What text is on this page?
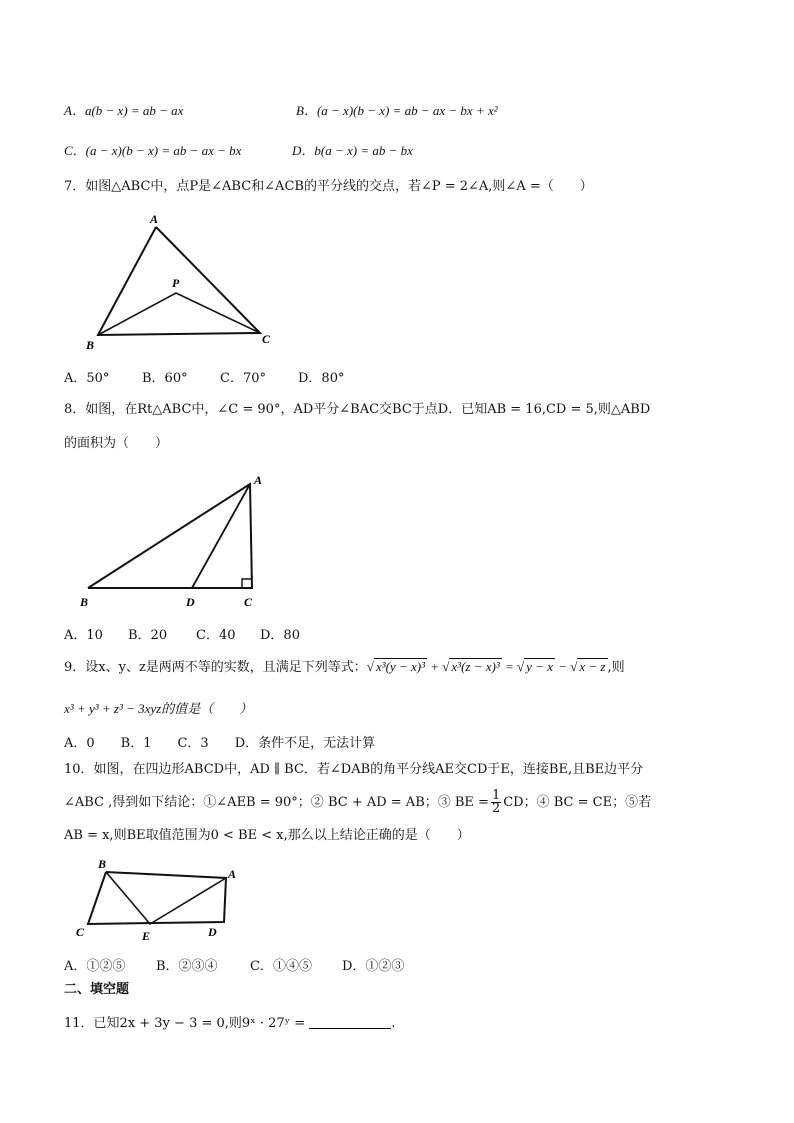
A．a(b − x) = ab − ax	B．(a − x)(b − x) = ab − ax − bx + x²
C．(a − x)(b − x) = ab − ax − bx	D．b(a − x) = ab − bx
7．如图△ABC中，点P是∠ABC和∠ACB的平分线的交点，若∠P = 2∠A,则∠A =（　　）
A
B	C
P
A．50°	B．60° C．70° D．80°
8．如图，在Rt△ABC中，∠C = 90°，AD平分∠BAC交BC于点D．已知AB = 16,CD = 5,则△ABD
的面积为（　　）
A
B	D	C
A．10 B．20 C．40 D．80
9．设x、y、z是两两不等的实数，且满足下列等式：√ x³(y − x)³ + √ x³(z − x)³ = √ y − x − √ x − z ,则
x³ + y³ + z³ − 3xyz的值是（　　）
A．0　　B．1　　C．3　　D．条件不足，无法计算
10．如图，在四边形ABCD中，AD ∥ BC．若∠DAB的角平分线AE交CD于E，连接BE,且BE边平分
∠ABC ,得到如下结论：①∠AEB = 90°；② BC + AD = AB；③ BE = $\frac{1}{2}$ CD；④ BC = CE；⑤若
AB = x,则BE取值范围为0 < BE < x,那么以上结论正确的是（　　）
B
A
C	E	D
A．①②⑤ B．②③④ C．①④⑤ D．①②③
二、填空题
11．已知2x + 3y − 3 = 0,则9ˣ · 27ʸ =	.
